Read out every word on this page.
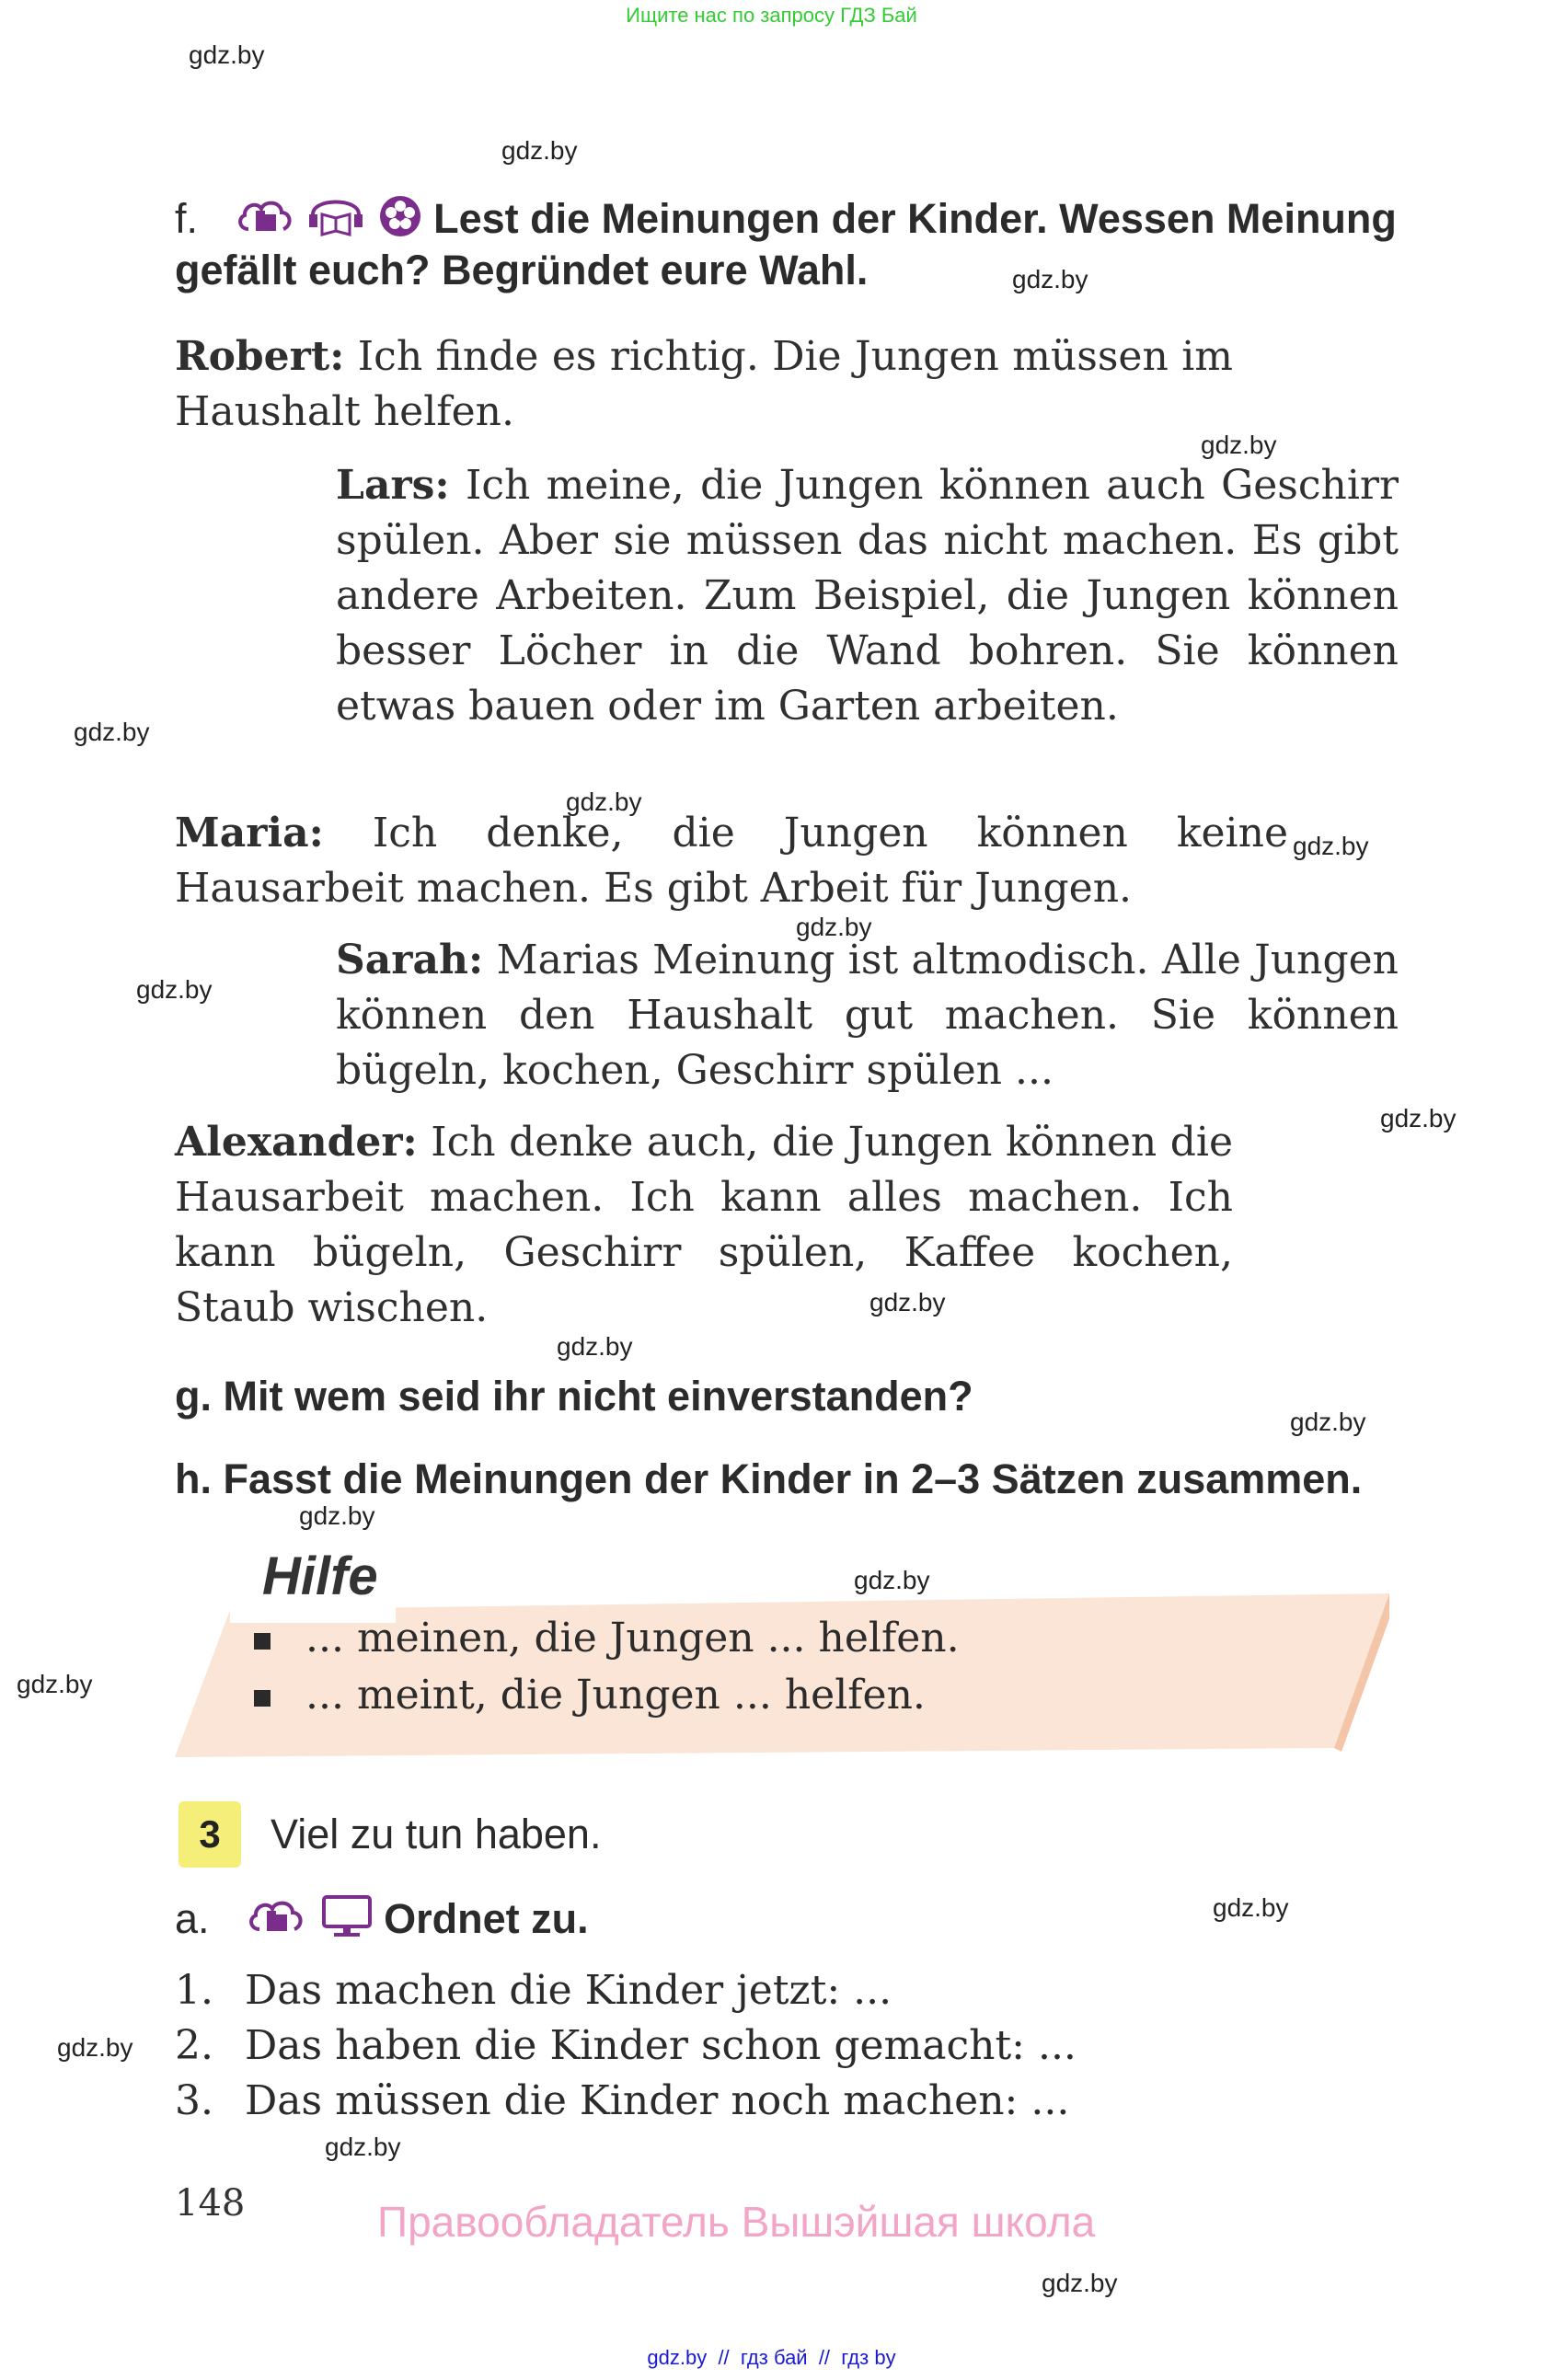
Ищите нас по запросу ГДЗ Бай
gdz.by
gdz.by
gdz.by
gdz.by
gdz.by
gdz.by
gdz.by
gdz.by
gdz.by
gdz.by
gdz.by
gdz.by
gdz.by
gdz.by
gdz.by
gdz.by
gdz.by
gdz.by
gdz.by
gdz.by
f.	Lest die Meinungen der Kinder. Wessen Meinung
gefällt euch? Begründet eure Wahl.
Robert: Ich finde es richtig. Die Jungen müssen im Haushalt helfen.
Lars: Ich meine, die Jungen können auch Geschirr spülen. Aber sie müssen das nicht machen. Es gibt andere Arbeiten. Zum Beispiel, die Jungen können besser Löcher in die Wand bohren. Sie können etwas bauen oder im Garten arbeiten.
Maria: Ich denke, die Jungen können keine Hausarbeit machen. Es gibt Arbeit für Jungen.
Sarah: Marias Meinung ist altmodisch. Alle Jungen können den Haushalt gut machen. Sie können bügeln, kochen, Geschirr spülen ...
Alexander: Ich denke auch, die Jungen können die Hausarbeit machen. Ich kann alles machen. Ich kann bügeln, Geschirr spülen, Kaffee kochen, Staub wischen.
g. Mit wem seid ihr nicht einverstanden?
h. Fasst die Meinungen der Kinder in 2–3 Sätzen zusammen.
Hilfe
... meinen, die Jungen ... helfen.
... meint, die Jungen ... helfen.
3	Viel zu tun haben.
a.	Ordnet zu.
1. Das machen die Kinder jetzt: ...
2. Das haben die Kinder schon gemacht: ...
3. Das müssen die Kinder noch machen: ...
148	Правообладатель Вышэйшая школа
gdz.by  //  гдз бай  //  гдз by
